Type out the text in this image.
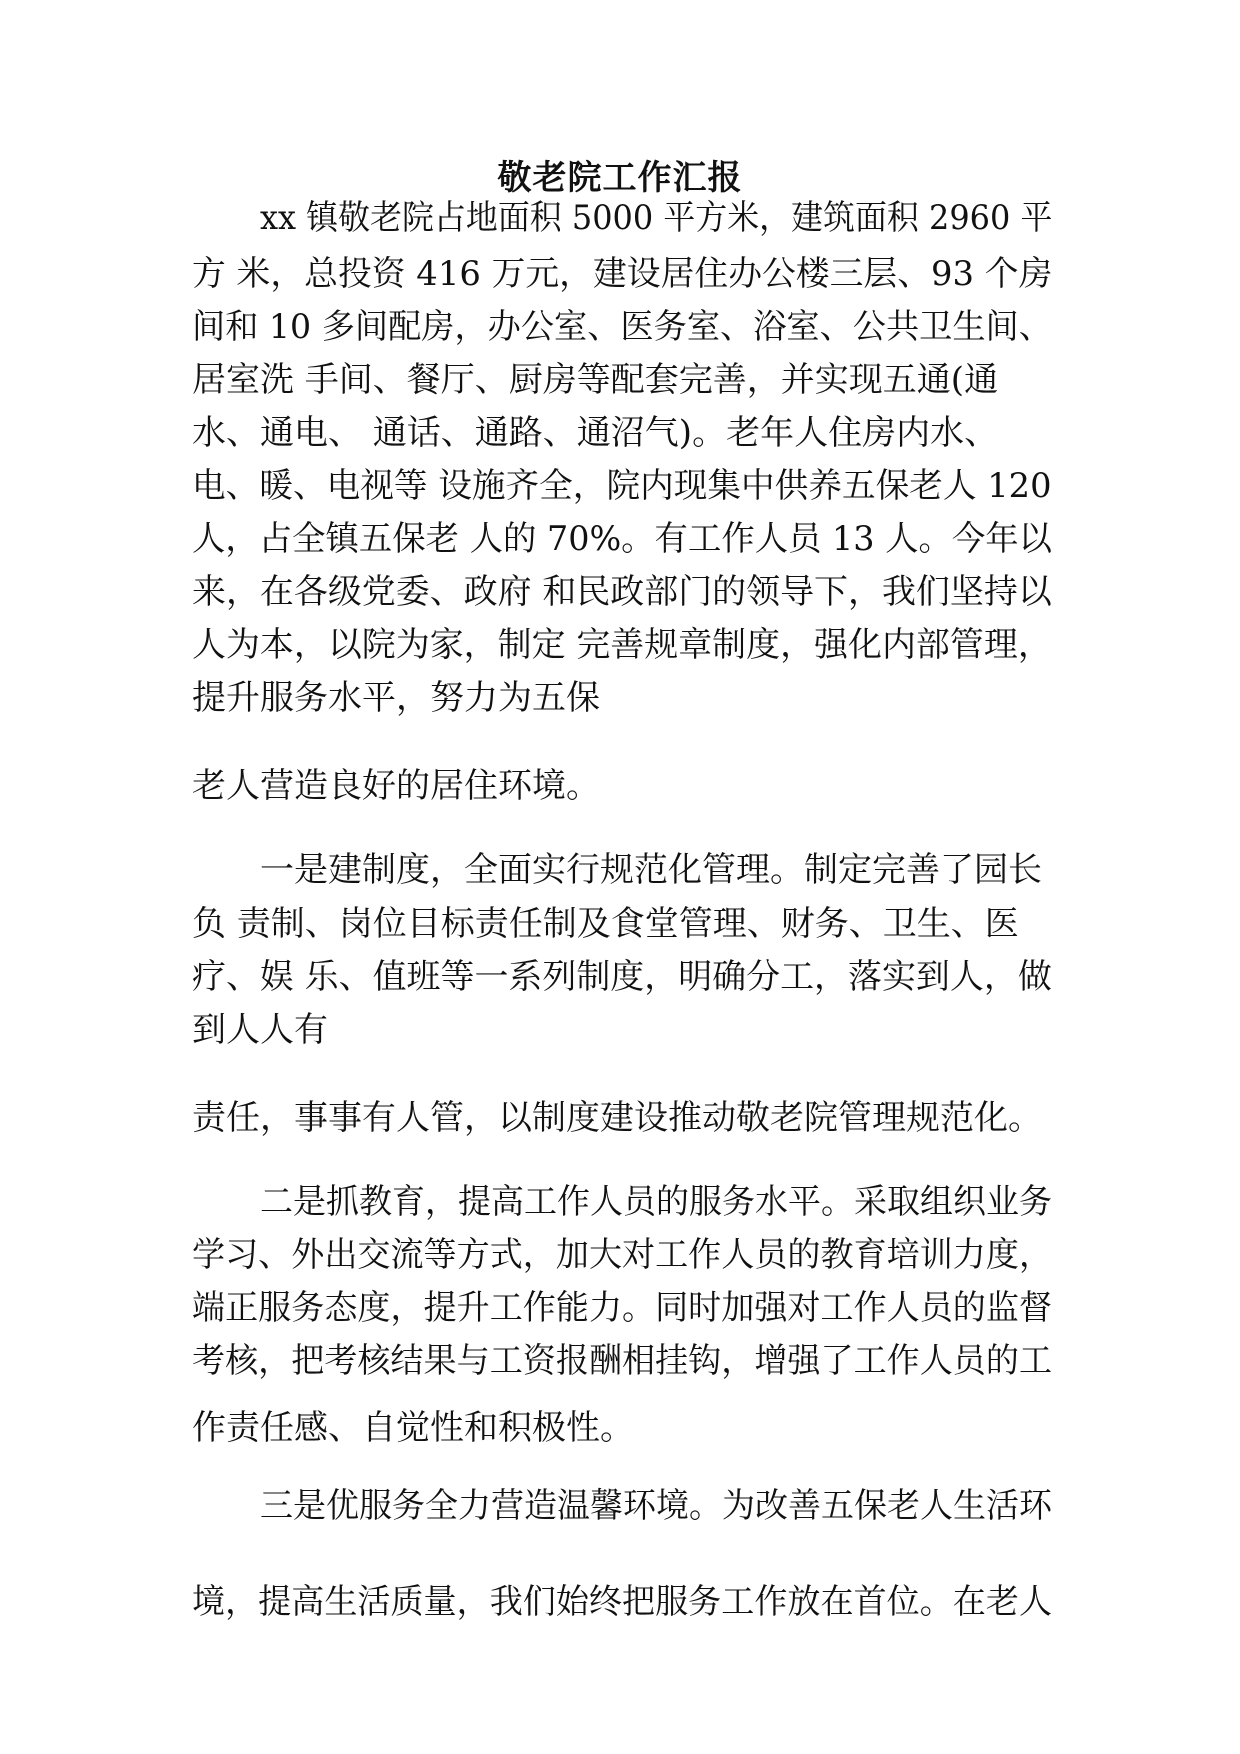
敬老院工作汇报
xx 镇敬老院占地面积 5000 平方米，建筑面积 2960 平
方 米，总投资 416 万元，建设居住办公楼三层、93 个房
间和 10 多间配房，办公室、医务室、浴室、公共卫生间、
居室洗 手间、餐厅、厨房等配套完善，并实现五通(通
水、通电、 通话、通路、通沼气)。老年人住房内水、
电、暖、电视等 设施齐全，院内现集中供养五保老人 120
人，占全镇五保老 人的 70%。有工作人员 13 人。今年以
来，在各级党委、政府 和民政部门的领导下，我们坚持以
人为本，以院为家，制定 完善规章制度，强化内部管理，
提升服务水平，努力为五保
老人营造良好的居住环境。
一是建制度，全面实行规范化管理。制定完善了园长
负 责制、岗位目标责任制及食堂管理、财务、卫生、医
疗、娱 乐、值班等一系列制度，明确分工，落实到人，做
到人人有
责任，事事有人管，以制度建设推动敬老院管理规范化。
二是抓教育，提高工作人员的服务水平。采取组织业务
学习、外出交流等方式，加大对工作人员的教育培训力度，
端正服务态度，提升工作能力。同时加强对工作人员的监督
考核，把考核结果与工资报酬相挂钩，增强了工作人员的工
作责任感、自觉性和积极性。
三是优服务全力营造温馨环境。为改善五保老人生活环
境，提高生活质量，我们始终把服务工作放在首位。在老人
